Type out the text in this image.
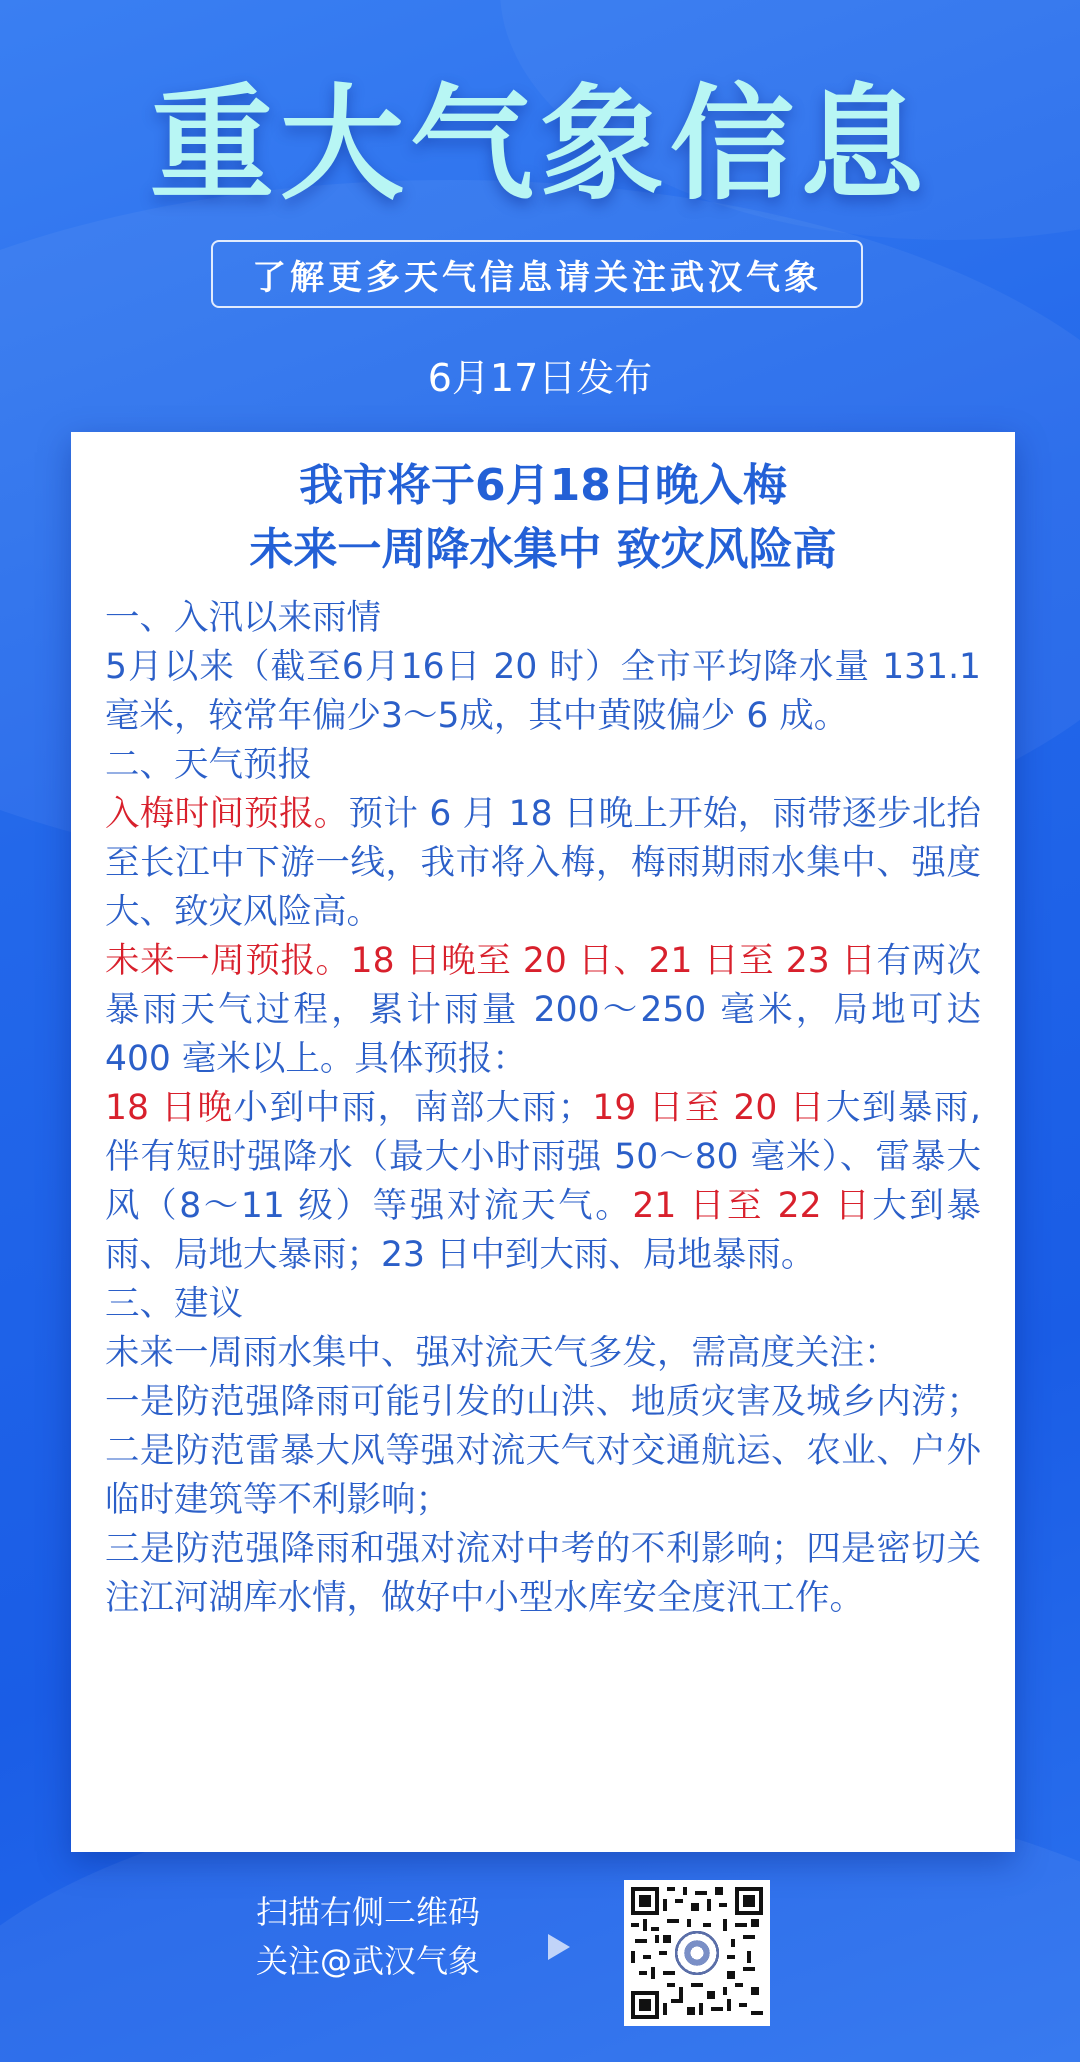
重大气象信息
了解更多天气信息请关注武汉气象
6月17日发布
我市将于6月18日晚入梅
未来一周降水集中 致灾风险高

一、入汛以来雨情

5月以来（截至6月16日 20 时）全市平均降水量 131.1 毫米，较常年偏少3～5成，其中黄陂偏少 6 成。

二、天气预报

入梅时间预报。预计 6 月 18 日晚上开始，雨带逐步北抬至长江中下游一线，我市将入梅，梅雨期雨水集中、强度大、致灾风险高。

未来一周预报。18 日晚至 20 日、21 日至 23 日有两次暴雨天气过程，累计雨量 200～250 毫米，局地可达 400 毫米以上。具体预报：

18 日晚小到中雨，南部大雨；19 日至 20 日大到暴雨,伴有短时强降水（最大小时雨强 50～80 毫米）、雷暴大风（8～11 级）等强对流天气。21 日至 22 日大到暴雨、局地大暴雨；23 日中到大雨、局地暴雨。

三、建议

未来一周雨水集中、强对流天气多发，需高度关注：

一是防范强降雨可能引发的山洪、地质灾害及城乡内涝；二是防范雷暴大风等强对流天气对交通航运、农业、户外临时建筑等不利影响；

三是防范强降雨和强对流对中考的不利影响；四是密切关注江河湖库水情，做好中小型水库安全度汛工作。

扫描右侧二维码
关注@武汉气象
